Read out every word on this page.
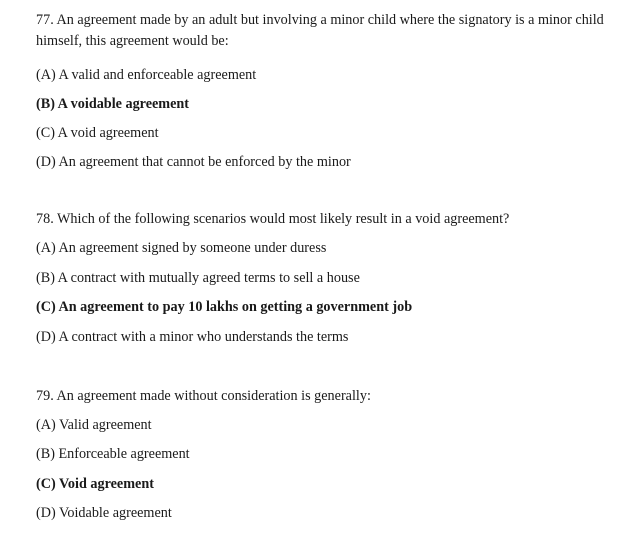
77. An agreement made by an adult but involving a minor child where the signatory is a minor child himself, this agreement would be:

(A) A valid and enforceable agreement
(B) A voidable agreement
(C) A void agreement
(D) An agreement that cannot be enforced by the minor

78. Which of the following scenarios would most likely result in a void agreement?

(A) An agreement signed by someone under duress
(B) A contract with mutually agreed terms to sell a house
(C) An agreement to pay 10 lakhs on getting a government job
(D) A contract with a minor who understands the terms

79. An agreement made without consideration is generally:

(A) Valid agreement
(B) Enforceable agreement
(C) Void agreement
(D) Voidable agreement
